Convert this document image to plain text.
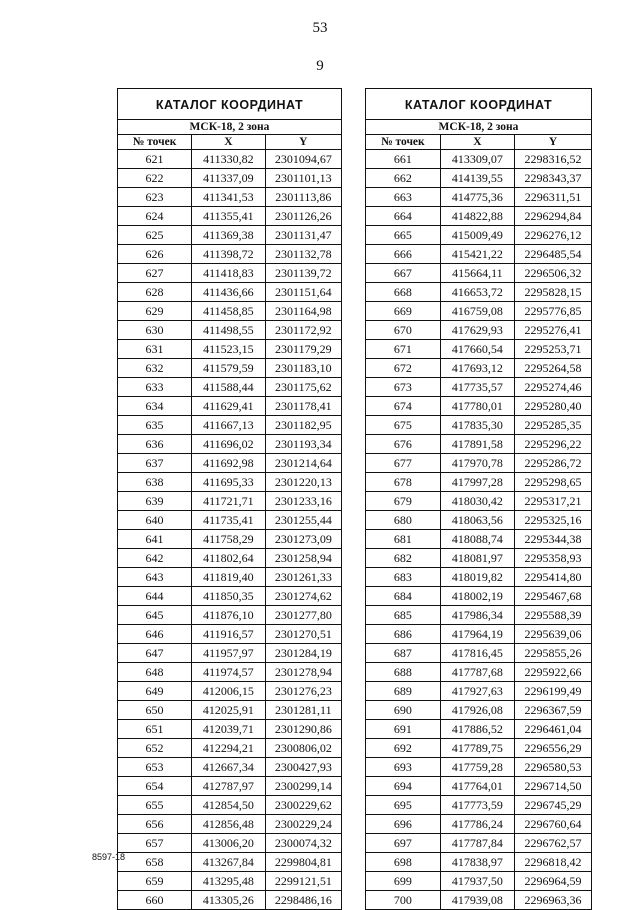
53
9
КАТАЛОГ КООРДИНАТ
МСК-18, 2 зона		
№ точек	X	Y
621	411330,82	2301094,67
622	411337,09	2301101,13
623	411341,53	2301113,86
624	411355,41	2301126,26
625	411369,38	2301131,47
626	411398,72	2301132,78
627	411418,83	2301139,72
628	411436,66	2301151,64
629	411458,85	2301164,98
630	411498,55	2301172,92
631	411523,15	2301179,29
632	411579,59	2301183,10
633	411588,44	2301175,62
634	411629,41	2301178,41
635	411667,13	2301182,95
636	411696,02	2301193,34
637	411692,98	2301214,64
638	411695,33	2301220,13
639	411721,71	2301233,16
640	411735,41	2301255,44
641	411758,29	2301273,09
642	411802,64	2301258,94
643	411819,40	2301261,33
644	411850,35	2301274,62
645	411876,10	2301277,80
646	411916,57	2301270,51
647	411957,97	2301284,19
648	411974,57	2301278,94
649	412006,15	2301276,23
650	412025,91	2301281,11
651	412039,71	2301290,86
652	412294,21	2300806,02
653	412667,34	2300427,93
654	412787,97	2300299,14
655	412854,50	2300229,62
656	412856,48	2300229,24
657	413006,20	2300074,32
658	413267,84	2299804,81
659	413295,48	2299121,51
660	413305,26	2298486,16
КАТАЛОГ КООРДИНАТ
МСК-18, 2 зона		
№ точек	X	Y
661	413309,07	2298316,52
662	414139,55	2298343,37
663	414775,36	2296311,51
664	414822,88	2296294,84
665	415009,49	2296276,12
666	415421,22	2296485,54
667	415664,11	2296506,32
668	416653,72	2295828,15
669	416759,08	2295776,85
670	417629,93	2295276,41
671	417660,54	2295253,71
672	417693,12	2295264,58
673	417735,57	2295274,46
674	417780,01	2295280,40
675	417835,30	2295285,35
676	417891,58	2295296,22
677	417970,78	2295286,72
678	417997,28	2295298,65
679	418030,42	2295317,21
680	418063,56	2295325,16
681	418088,74	2295344,38
682	418081,97	2295358,93
683	418019,82	2295414,80
684	418002,19	2295467,68
685	417986,34	2295588,39
686	417964,19	2295639,06
687	417816,45	2295855,26
688	417787,68	2295922,66
689	417927,63	2296199,49
690	417926,08	2296367,59
691	417886,52	2296461,04
692	417789,75	2296556,29
693	417759,28	2296580,53
694	417764,01	2296714,50
695	417773,59	2296745,29
696	417786,24	2296760,64
697	417787,84	2296762,57
698	417838,97	2296818,42
699	417937,50	2296964,59
700	417939,08	2296963,36
8597-18
